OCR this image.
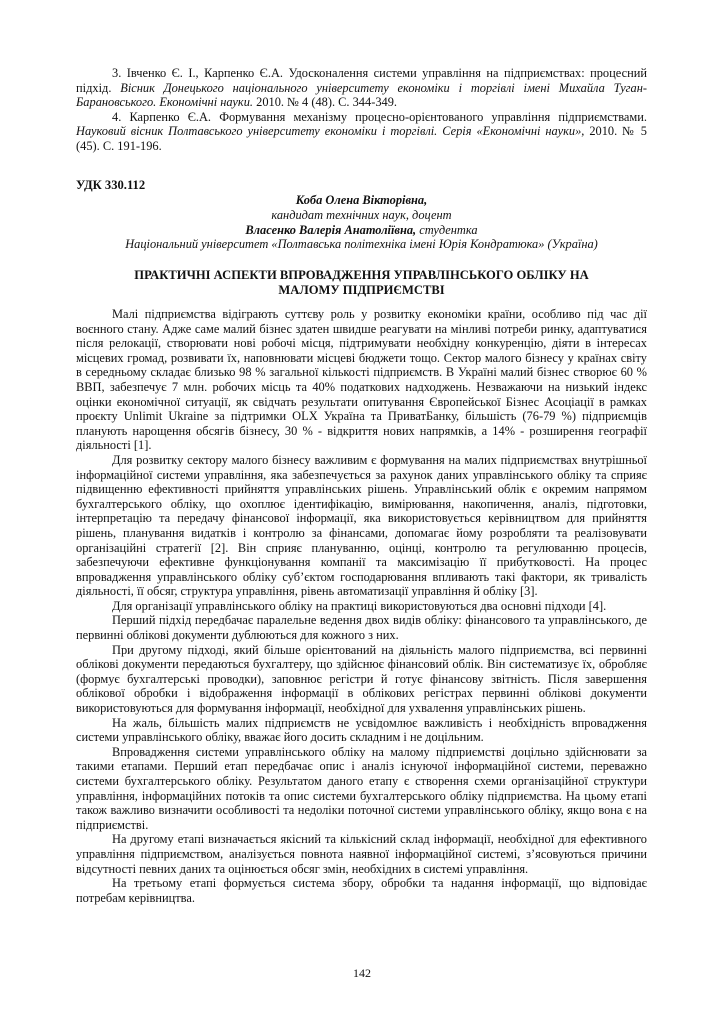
3. Івченко Є. І., Карпенко Є.А. Удосконалення системи управління на підприємствах: процесний підхід. Вісник Донецького національного університету економіки і торгівлі імені Михайла Туган-Барановського. Економічні науки. 2010. № 4 (48). С. 344-349.

4. Карпенко Є.А. Формування механізму процесно-орієнтованого управління підприємствами. Науковий вісник Полтавського університету економіки і торгівлі. Серія «Економічні науки», 2010. № 5 (45). С. 191-196.

УДК 330.112
Коба Олена Вікторівна,
кандидат технічних наук, доцент
Власенко Валерія Анатоліївна, студентка
Національний університет «Полтавська політехніка імені Юрія Кондратюка» (Україна)
ПРАКТИЧНІ АСПЕКТИ ВПРОВАДЖЕННЯ УПРАВЛІНСЬКОГО ОБЛІКУ НА
МАЛОМУ ПІДПРИЄМСТВІ

Малі підприємства відіграють суттєву роль у розвитку економіки країни, особливо під час дії воєнного стану. Адже саме малий бізнес здатен швидше реагувати на мінливі потреби ринку, адаптуватися після релокації, створювати нові робочі місця, підтримувати необхідну конкуренцію, діяти в інтересах місцевих громад, розвивати їх, наповнювати місцеві бюджети тощо. Сектор малого бізнесу у країнах світу в середньому складає близько 98 % загальної кількості підприємств. В Україні малий бізнес створює 60 % ВВП, забезпечує 7 млн. робочих місць та 40% податкових надходжень. Незважаючи на низький індекс оцінки економічної ситуації, як свідчать результати опитування Європейської Бізнес Асоціації в рамках проєкту Unlimit Ukraine за підтримки OLX Україна та ПриватБанку, більшість (76-79 %) підприємців планують нарощення обсягів бізнесу, 30 % - відкриття нових напрямків, а 14% - розширення географії діяльності [1].

Для розвитку сектору малого бізнесу важливим є формування на малих підприємствах внутрішньої інформаційної системи управління, яка забезпечується за рахунок даних управлінського обліку та сприяє підвищенню ефективності прийняття управлінських рішень. Управлінський облік є окремим напрямом бухгалтерського обліку, що охоплює ідентифікацію, вимірювання, накопичення, аналіз, підготовки, інтерпретацію та передачу фінансової інформації, яка використовується керівництвом для прийняття рішень, планування видатків і контролю за фінансами, допомагає йому розробляти та реалізовувати організаційні стратегії [2]. Він сприяє плануванню, оцінці, контролю та регулюванню процесів, забезпечуючи ефективне функціонування компанії та максимізацію її прибутковості. На процес впровадження управлінського обліку суб’єктом господарювання впливають такі фактори, як тривалість діяльності, її обсяг, структура управління, рівень автоматизації управління й обліку [3].

Для організації управлінського обліку на практиці використовуються два основні підходи [4].

Перший підхід передбачає паралельне ведення двох видів обліку: фінансового та управлінського, де первинні облікові документи дублюються для кожного з них.

При другому підході, який більше орієнтований на діяльність малого підприємства, всі первинні облікові документи передаються бухгалтеру, що здійснює фінансовий облік. Він систематизує їх, обробляє (формує бухгалтерські проводки), заповнює регістри й готує фінансову звітність. Після завершення облікової обробки і відображення інформації в облікових регістрах первинні облікові документи використовуються для формування інформації, необхідної для ухвалення управлінських рішень.

На жаль, більшість малих підприємств не усвідомлює важливість і необхідність впровадження системи управлінського обліку, вважає його досить складним і не доцільним.

Впровадження системи управлінського обліку на малому підприємстві доцільно здійснювати за такими етапами. Перший етап передбачає опис і аналіз існуючої інформаційної системи, переважно системи бухгалтерського обліку. Результатом даного етапу є створення схеми організаційної структури управління, інформаційних потоків та опис системи бухгалтерського обліку підприємства. На цьому етапі також важливо визначити особливості та недоліки поточної системи управлінського обліку, якщо вона є на підприємстві.

На другому етапі визначається якісний та кількісний склад інформації, необхідної для ефективного управління підприємством, аналізується повнота наявної інформаційної системі, з’ясовуються причини відсутності певних даних та оцінюється обсяг змін, необхідних в системі управління.

На третьому етапі формується система збору, обробки та надання інформації, що відповідає потребам керівництва.

142
